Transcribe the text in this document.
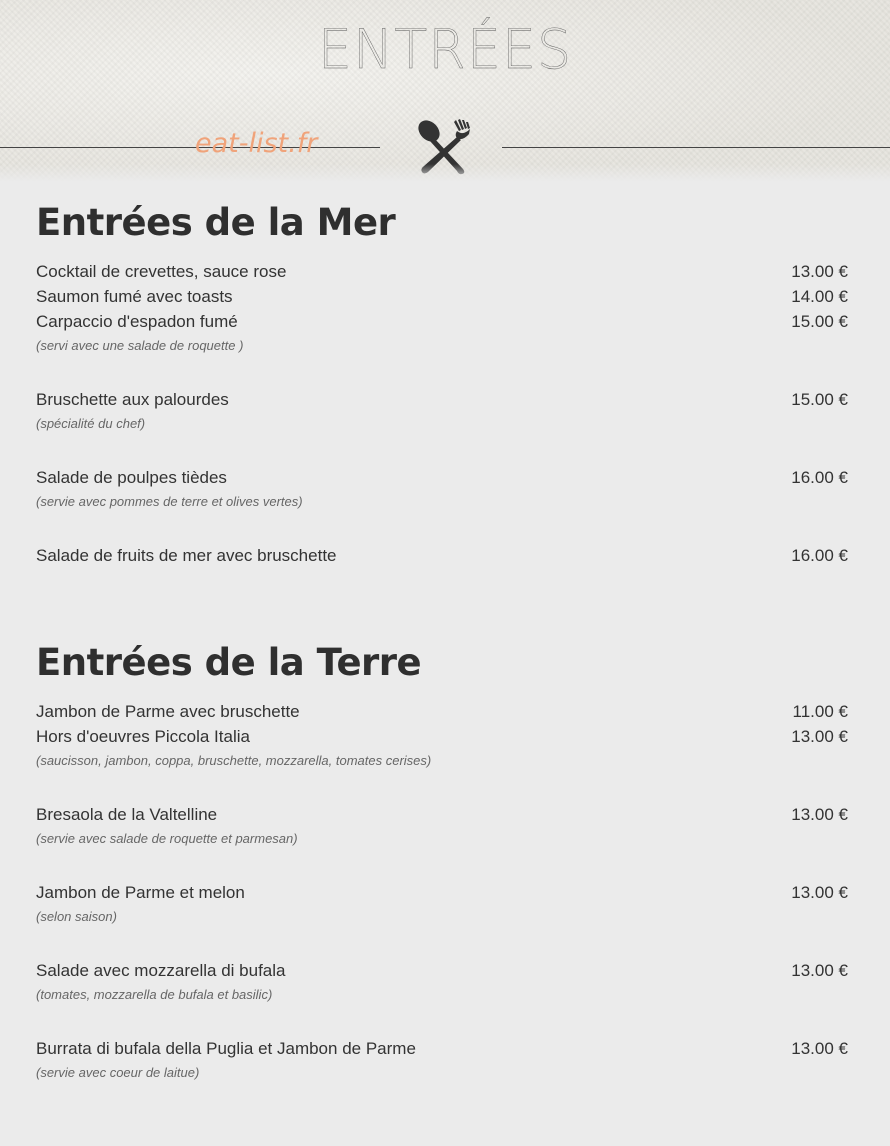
ENTRÉES
eat-list.fr
Entrées de la Mer
Cocktail de crevettes, sauce rose	13.00 €
Saumon fumé avec toasts	14.00 €
Carpaccio d'espadon fumé	15.00 €
(servi avec une salade de roquette )
Bruschette aux palourdes	15.00 €
(spécialité du chef)
Salade de poulpes tièdes	16.00 €
(servie avec pommes de terre et olives vertes)
Salade de fruits de mer avec bruschette	16.00 €
Entrées de la Terre
Jambon de Parme avec bruschette	11.00 €
Hors d'oeuvres Piccola Italia	13.00 €
(saucisson, jambon, coppa, bruschette, mozzarella, tomates cerises)
Bresaola de la Valtelline	13.00 €
(servie avec salade de roquette et parmesan)
Jambon de Parme et melon	13.00 €
(selon saison)
Salade avec mozzarella di bufala	13.00 €
(tomates, mozzarella de bufala et basilic)
Burrata di bufala della Puglia et Jambon de Parme	13.00 €
(servie avec coeur de laitue)
